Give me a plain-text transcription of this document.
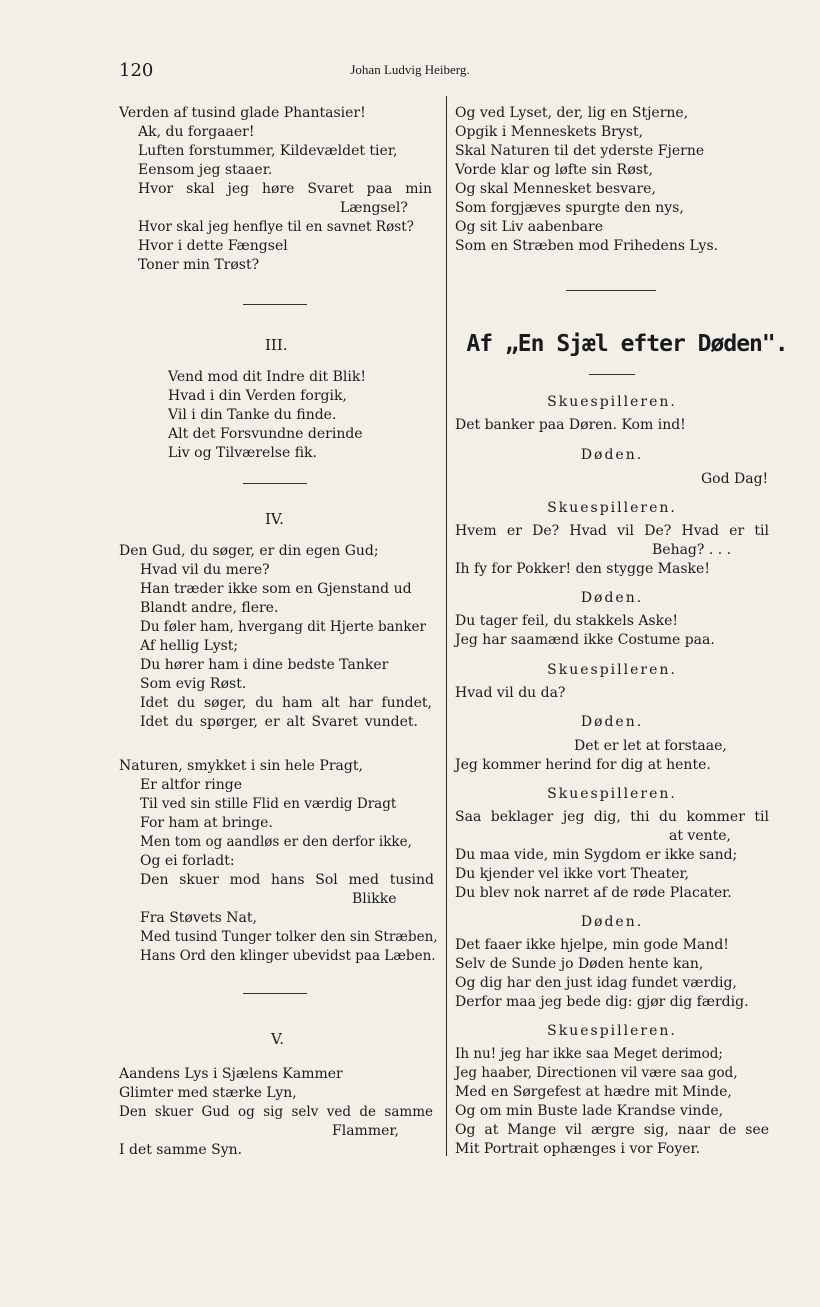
120	Johan Ludvig Heiberg.
Verden af tusind glade Phantasier!
Ak, du forgaaer!
Luften forstummer, Kildevældet tier,
Eensom jeg staaer.
Hvor skal jeg høre Svaret paa min
Længsel?
Hvor skal jeg henflye til en savnet Røst?
Hvor i dette Fængsel
Toner min Trøst?
III.
Vend mod dit Indre dit Blik!
Hvad i din Verden forgik,
Vil i din Tanke du finde.
Alt det Forsvundne derinde
Liv og Tilværelse fik.
IV.
Den Gud, du søger, er din egen Gud;
Hvad vil du mere?
Han træder ikke som en Gjenstand ud
Blandt andre, flere.
Du føler ham, hvergang dit Hjerte banker
Af hellig Lyst;
Du hører ham i dine bedste Tanker
Som evig Røst.
Idet du søger, du ham alt har fundet,
Idet du spørger, er alt Svaret vundet.
Naturen, smykket i sin hele Pragt,
Er altfor ringe
Til ved sin stille Flid en værdig Dragt
For ham at bringe.
Men tom og aandløs er den derfor ikke,
Og ei forladt:
Den skuer mod hans Sol med tusind
Blikke
Fra Støvets Nat,
Med tusind Tunger tolker den sin Stræben,
Hans Ord den klinger ubevidst paa Læben.
V.
Aandens Lys i Sjælens Kammer
Glimter med stærke Lyn,
Den skuer Gud og sig selv ved de samme
Flammer,
I det samme Syn.
Og ved Lyset, der, lig en Stjerne,
Opgik i Menneskets Bryst,
Skal Naturen til det yderste Fjerne
Vorde klar og løfte sin Røst,
Og skal Mennesket besvare,
Som forgjæves spurgte den nys,
Og sit Liv aabenbare
Som en Stræben mod Frihedens Lys.
Af „En Sjæl efter Døden".
Skuespilleren.
Det banker paa Døren. Kom ind!
Døden.
God Dag!
Skuespilleren.
Hvem er De? Hvad vil De? Hvad er til
Behag? . . .
Ih fy for Pokker! den stygge Maske!
Døden.
Du tager feil, du stakkels Aske!
Jeg har saamænd ikke Costume paa.
Skuespilleren.
Hvad vil du da?
Døden.
Det er let at forstaae,
Jeg kommer herind for dig at hente.
Skuespilleren.
Saa beklager jeg dig, thi du kommer til
at vente,
Du maa vide, min Sygdom er ikke sand;
Du kjender vel ikke vort Theater,
Du blev nok narret af de røde Placater.
Døden.
Det faaer ikke hjelpe, min gode Mand!
Selv de Sunde jo Døden hente kan,
Og dig har den just idag fundet værdig,
Derfor maa jeg bede dig: gjør dig færdig.
Skuespilleren.
Ih nu! jeg har ikke saa Meget derimod;
Jeg haaber, Directionen vil være saa god,
Med en Sørgefest at hædre mit Minde,
Og om min Buste lade Krandse vinde,
Og at Mange vil ærgre sig, naar de see
Mit Portrait ophænges i vor Foyer.
